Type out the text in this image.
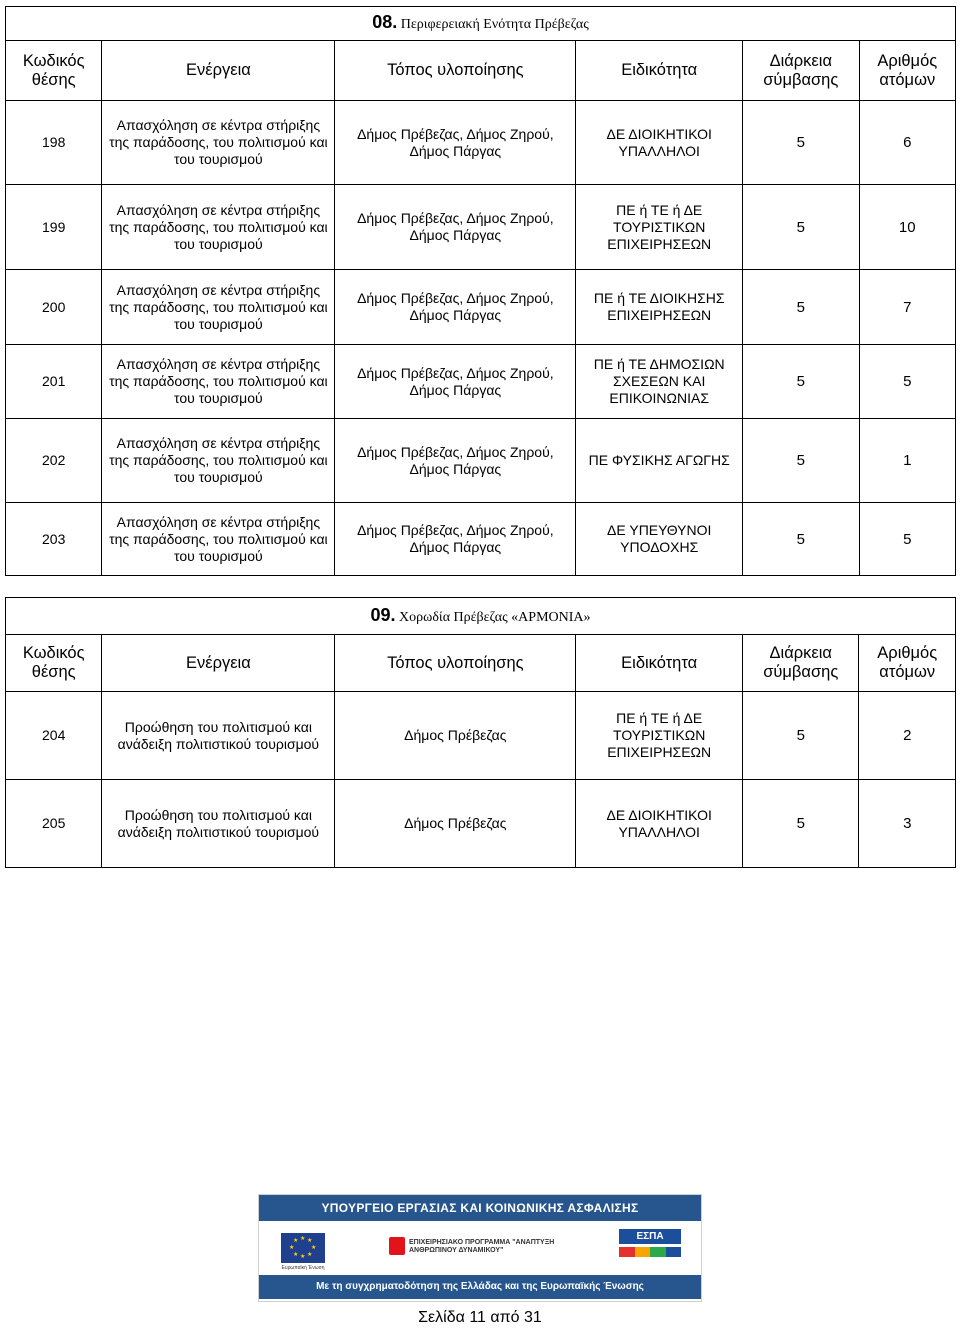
08. Περιφερειακή Ενότητα Πρέβεζας					
Κωδικός θέσης	Ενέργεια	Τόπος υλοποίησης	Ειδικότητα	Διάρκεια σύμβασης	Αριθμός ατόμων
198	Απασχόληση σε κέντρα στήριξης της παράδοσης, του πολιτισμού και του τουρισμού	Δήμος Πρέβεζας, Δήμος Ζηρού, Δήμος Πάργας	ΔΕ ΔΙΟΙΚΗΤΙΚΟΙ ΥΠΑΛΛΗΛΟΙ	5	6
199	Απασχόληση σε κέντρα στήριξης της παράδοσης, του πολιτισμού και του τουρισμού	Δήμος Πρέβεζας, Δήμος Ζηρού, Δήμος Πάργας	ΠΕ ή ΤΕ ή ΔΕ ΤΟΥΡΙΣΤΙΚΩΝ ΕΠΙΧΕΙΡΗΣΕΩΝ	5	10
200	Απασχόληση σε κέντρα στήριξης της παράδοσης, του πολιτισμού και του τουρισμού	Δήμος Πρέβεζας, Δήμος Ζηρού, Δήμος Πάργας	ΠΕ ή ΤΕ ΔΙΟΙΚΗΣΗΣ ΕΠΙΧΕΙΡΗΣΕΩΝ	5	7
201	Απασχόληση σε κέντρα στήριξης της παράδοσης, του πολιτισμού και του τουρισμού	Δήμος Πρέβεζας, Δήμος Ζηρού, Δήμος Πάργας	ΠΕ ή ΤΕ ΔΗΜΟΣΙΩΝ ΣΧΕΣΕΩΝ ΚΑΙ ΕΠΙΚΟΙΝΩΝΙΑΣ	5	5
202	Απασχόληση σε κέντρα στήριξης της παράδοσης, του πολιτισμού και του τουρισμού	Δήμος Πρέβεζας, Δήμος Ζηρού, Δήμος Πάργας	ΠΕ ΦΥΣΙΚΗΣ ΑΓΩΓΗΣ	5	1
203	Απασχόληση σε κέντρα στήριξης της παράδοσης, του πολιτισμού και του τουρισμού	Δήμος Πρέβεζας, Δήμος Ζηρού, Δήμος Πάργας	ΔΕ ΥΠΕΥΘΥΝΟΙ ΥΠΟΔΟΧΗΣ	5	5
09. Χορωδία Πρέβεζας «ΑΡΜΟΝΙΑ»					
Κωδικός θέσης	Ενέργεια	Τόπος υλοποίησης	Ειδικότητα	Διάρκεια σύμβασης	Αριθμός ατόμων
204	Προώθηση του πολιτισμού και ανάδειξη πολιτιστικού τουρισμού	Δήμος Πρέβεζας	ΠΕ ή ΤΕ ή ΔΕ ΤΟΥΡΙΣΤΙΚΩΝ ΕΠΙΧΕΙΡΗΣΕΩΝ	5	2
205	Προώθηση του πολιτισμού και ανάδειξη πολιτιστικού τουρισμού	Δήμος Πρέβεζας	ΔΕ ΔΙΟΙΚΗΤΙΚΟΙ ΥΠΑΛΛΗΛΟΙ	5	3
ΥΠΟΥΡΓΕΙΟ ΕΡΓΑΣΙΑΣ ΚΑΙ ΚΟΙΝΩΝΙΚΗΣ ΑΣΦΑΛΙΣΗΣ
★ ★
★
★
★
★
★
★
Ευρωπαϊκή Ένωση
ΕΠΙΧΕΙΡΗΣΙΑΚΟ ΠΡΟΓΡΑΜΜΑ "ΑΝΑΠΤΥΞΗ ΑΝΘΡΩΠΙΝΟΥ ΔΥΝΑΜΙΚΟΥ"
ΕΣΠΑ
Με τη συγχρηματοδότηση της Ελλάδας και της Ευρωπαϊκής Ένωσης
Σελίδα 11 από 31
